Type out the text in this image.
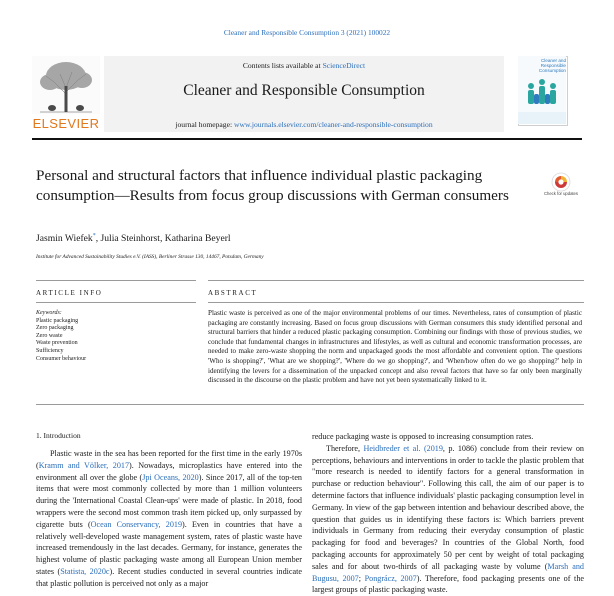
Cleaner and Responsible Consumption 3 (2021) 100022
ELSEVIER
Contents lists available at ScienceDirect
Cleaner and Responsible Consumption
journal homepage: www.journals.elsevier.com/cleaner-and-responsible-consumption
Cleaner and Responsible Consumption
Personal and structural factors that influence individual plastic packaging consumption—Results from focus group discussions with German consumers	Check for updates
Jasmin Wiefek*, Julia Steinhorst, Katharina Beyerl
Institute for Advanced Sustainability Studies e.V. (IASS), Berliner Strasse 130, 14467, Potsdam, Germany
ARTICLE INFO	ABSTRACT
Keywords:
Plastic packaging
Zero packaging
Zero waste
Waste prevention
Sufficiency
Consumer behaviour
Plastic waste is perceived as one of the major environmental problems of our times. Nevertheless, rates of consumption of plastic packaging are constantly increasing. Based on focus group discussions with German consumers this study identified personal and structural barriers that hinder a reduced plastic packaging consumption. Combining our findings with those of previous studies, we conclude that fundamental changes in infrastructures and lifestyles, as well as cultural and economic transformation processes, are needed to make zero-waste shopping the norm and unpackaged goods the most affordable and convenient option. The questions 'Who is shopping?', 'What are we shopping?', 'Where do we go shopping?', and 'When/how often do we go shopping?' help in identifying the levers for a dissemination of the unpacked concept and also reveal factors that have so far only been marginally discussed in the discourse on the plastic problem and have not yet been systematically linked to it.
1. Introduction

Plastic waste in the sea has been reported for the first time in the early 1970s (Kramm and Völker, 2017). Nowadays, microplastics have entered into the environment all over the globe (Jpi Oceans, 2020). Since 2017, all of the top-ten items that were most commonly collected by more than 1 million volunteers during the 'International Coastal Clean-ups' were made of plastic. In 2018, food wrappers were the second most common trash item picked up, only surpassed by cigarette buts (Ocean Conservancy, 2019). Even in countries that have a relatively well-developed waste management system, rates of plastic waste have increased tremendously in the last decades. Germany, for instance, generates the highest volume of plastic packaging waste among all European Union member states (Statista, 2020c). Recent studies conducted in several countries indicate that plastic pollution is perceived not only as a major

reduce packaging waste is opposed to increasing consumption rates.

Therefore, Heidbreder et al. (2019, p. 1086) conclude from their review on perceptions, behaviours and interventions in order to tackle the plastic problem that "more research is needed to identify factors for a general transformation in purchase or reduction behaviour". Following this call, the aim of our paper is to determine factors that influence individuals' plastic packaging consumption level in Germany. In view of the gap between intention and behaviour described above, the question that guides us in identifying these factors is: Which barriers prevent individuals in Germany from reducing their everyday consumption of plastic packaging for food and beverages? In countries of the Global North, food packaging accounts for approximately 50 per cent by weight of total packaging sales and for about two-thirds of all packaging waste by volume (Marsh and Bugusu, 2007; Pongrácz, 2007). Therefore, food packaging presents one of the largest groups of plastic packaging waste.
